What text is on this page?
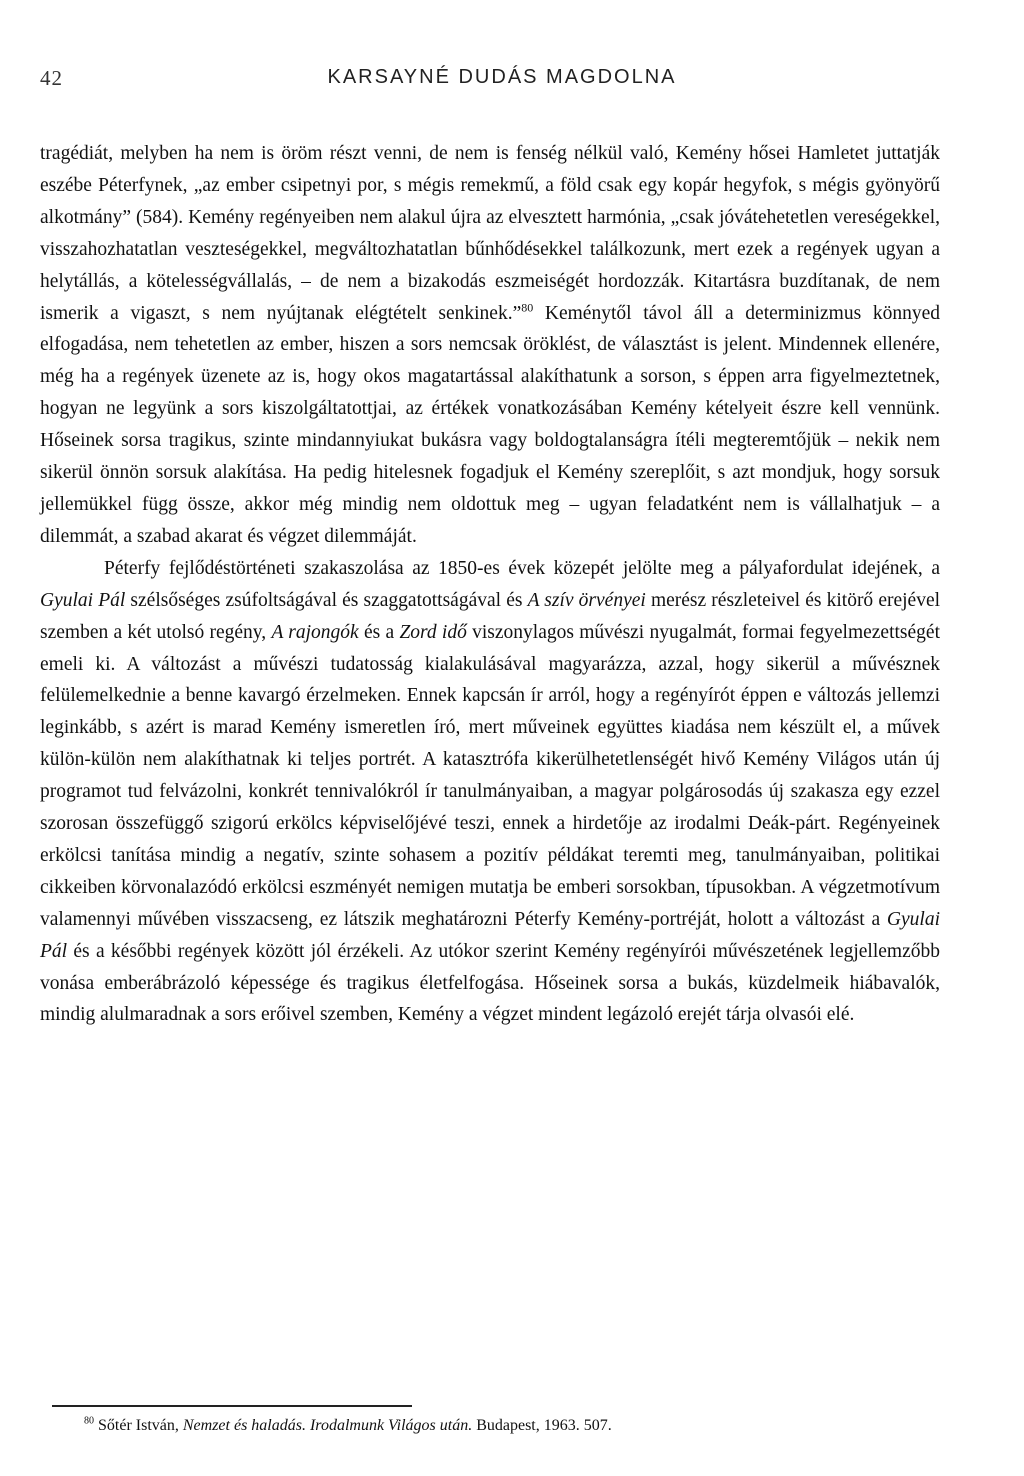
42	KARSAYNÉ DUDÁS MAGDOLNA

tragédiát, melyben ha nem is öröm részt venni, de nem is fenség nélkül való, Kemény hősei Hamletet juttatják eszébe Péterfynek, „az ember csipetnyi por, s mégis remekmű, a föld csak egy kopár hegyfok, s mégis gyönyörű alkotmány” (584). Kemény regényeiben nem alakul újra az elvesztett harmónia, „csak jóvátehetetlen vereségekkel, visszahozhatatlan veszteségekkel, megváltozhatatlan bűnhődésekkel találkozunk, mert ezek a regények ugyan a helytállás, a kötelességvállalás, – de nem a bizakodás eszmeiségét hordozzák. Kitartásra buzdítanak, de nem ismerik a vigaszt, s nem nyújtanak elégtételt senkinek.”$^{80}$ Keménytől távol áll a determinizmus könnyed elfogadása, nem tehetetlen az ember, hiszen a sors nemcsak öröklést, de választást is jelent. Mindennek ellenére, még ha a regények üzenete az is, hogy okos magatartással alakíthatunk a sorson, s éppen arra figyelmeztetnek, hogyan ne legyünk a sors kiszolgáltatottjai, az értékek vonatkozásában Kemény kételyeit észre kell vennünk. Hőseinek sorsa tragikus, szinte mindannyiukat bukásra vagy boldogtalanságra ítéli megteremtőjük – nekik nem sikerül önnön sorsuk alakítása. Ha pedig hitelesnek fogadjuk el Kemény szereplőit, s azt mondjuk, hogy sorsuk jellemükkel függ össze, akkor még mindig nem oldottuk meg – ugyan feladatként nem is vállalhatjuk – a dilemmát, a szabad akarat és végzet dilemmáját.

Péterfy fejlődéstörténeti szakaszolása az 1850-es évek közepét jelölte meg a pályafordulat idejének, a Gyulai Pál szélsőséges zsúfoltságával és szaggatottságával és A szív örvényei merész részleteivel és kitörő erejével szemben a két utolsó regény, A rajongók és a Zord idő viszonylagos művészi nyugalmát, formai fegyelmezettségét emeli ki. A változást a művészi tudatosság kialakulásával magyarázza, azzal, hogy sikerül a művésznek felülemelkednie a benne kavargó érzelmeken. Ennek kapcsán ír arról, hogy a regényírót éppen e változás jellemzi leginkább, s azért is marad Kemény ismeretlen író, mert műveinek együttes kiadása nem készült el, a művek külön-külön nem alakíthatnak ki teljes portrét. A katasztrófa kikerülhetetlenségét hivő Kemény Világos után új programot tud felvázolni, konkrét tennivalókról ír tanulmányaiban, a magyar polgárosodás új szakasza egy ezzel szorosan összefüggő szigorú erkölcs képviselőjévé teszi, ennek a hirdetője az irodalmi Deák-párt. Regényeinek erkölcsi tanítása mindig a negatív, szinte sohasem a pozitív példákat teremti meg, tanulmányaiban, politikai cikkeiben körvonalazódó erkölcsi eszményét nemigen mutatja be emberi sorsokban, típusokban. A végzetmotívum valamennyi művében visszacseng, ez látszik meghatározni Péterfy Kemény-portréját, holott a változást a Gyulai Pál és a későbbi regények között jól érzékeli. Az utókor szerint Kemény regényírói művészetének legjellemzőbb vonása emberábrázoló képessége és tragikus életfelfogása. Hőseinek sorsa a bukás, küzdelmeik hiábavalók, mindig alulmaradnak a sors erőivel szemben, Kemény a végzet mindent legázoló erejét tárja olvasói elé.

$^{80}$ Sőtér István, Nemzet és haladás. Irodalmunk Világos után. Budapest, 1963. 507.
